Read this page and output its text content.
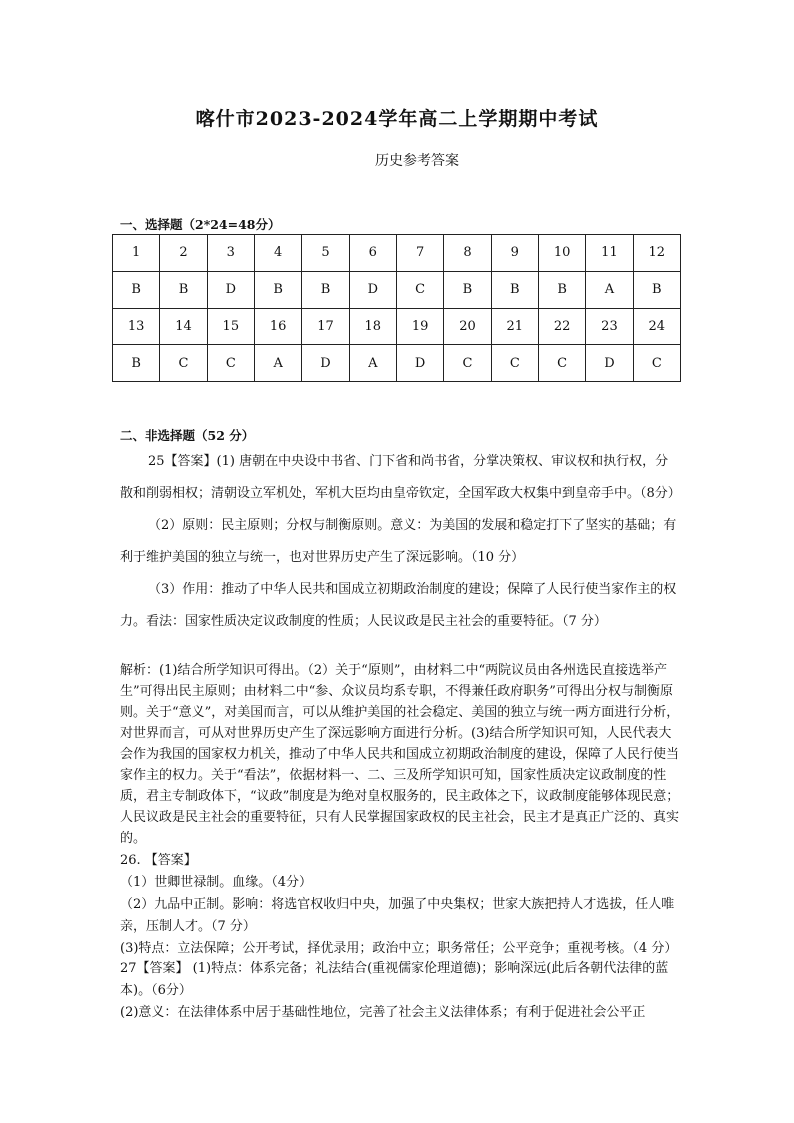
喀什市2023-2024学年高二上学期期中考试
历史参考答案
一、选择题（2*24=48分）
1	2	3	4	5	6	7	8	9	10	11	12
B	B	D	B	B	D	C	B	B	B	A	B
13	14	15	16	17	18	19	20	21	22	23	24
B	C	C	A	D	A	D	C	C	C	D	C
二、非选择题（52 分）

25【答案】(1) 唐朝在中央设中书省、门下省和尚书省，分掌决策权、审议权和执行权，分散和削弱相权；清朝设立军机处，军机大臣均由皇帝钦定，全国军政大权集中到皇帝手中。（8分）

（2）原则：民主原则；分权与制衡原则。意义：为美国的发展和稳定打下了坚实的基础；有利于维护美国的独立与统一，也对世界历史产生了深远影响。（10 分）

（3）作用：推动了中华人民共和国成立初期政治制度的建设；保障了人民行使当家作主的权力。看法：国家性质决定议政制度的性质；人民议政是民主社会的重要特征。（7 分）

解析：(1)结合所学知识可得出。（2）关于“原则”，由材料二中“两院议员由各州选民直接选举产生”可得出民主原则；由材料二中“参、众议员均系专职，不得兼任政府职务”可得出分权与制衡原则。关于“意义”，对美国而言，可以从维护美国的社会稳定、美国的独立与统一两方面进行分析，对世界而言，可从对世界历史产生了深远影响方面进行分析。(3)结合所学知识可知，人民代表大会作为我国的国家权力机关，推动了中华人民共和国成立初期政治制度的建设，保障了人民行使当家作主的权力。关于“看法”，依据材料一、二、三及所学知识可知，国家性质决定议政制度的性质，君主专制政体下，“议政”制度是为绝对皇权服务的，民主政体之下，议政制度能够体现民意；人民议政是民主社会的重要特征，只有人民掌握国家政权的民主社会，民主才是真正广泛的、真实的。

26. 【答案】

（1）世卿世禄制。血缘。（4分）

（2）九品中正制。影响：将选官权收归中央，加强了中央集权；世家大族把持人才选拔，任人唯亲，压制人才。（7 分）

(3)特点：立法保障；公开考试，择优录用；政治中立；职务常任；公平竞争；重视考核。（4 分）

27【答案】 (1)特点：体系完备；礼法结合(重视儒家伦理道德)；影响深远(此后各朝代法律的蓝本)。（6分）

(2)意义：在法律体系中居于基础性地位，完善了社会主义法律体系；有利于促进社会公平正
